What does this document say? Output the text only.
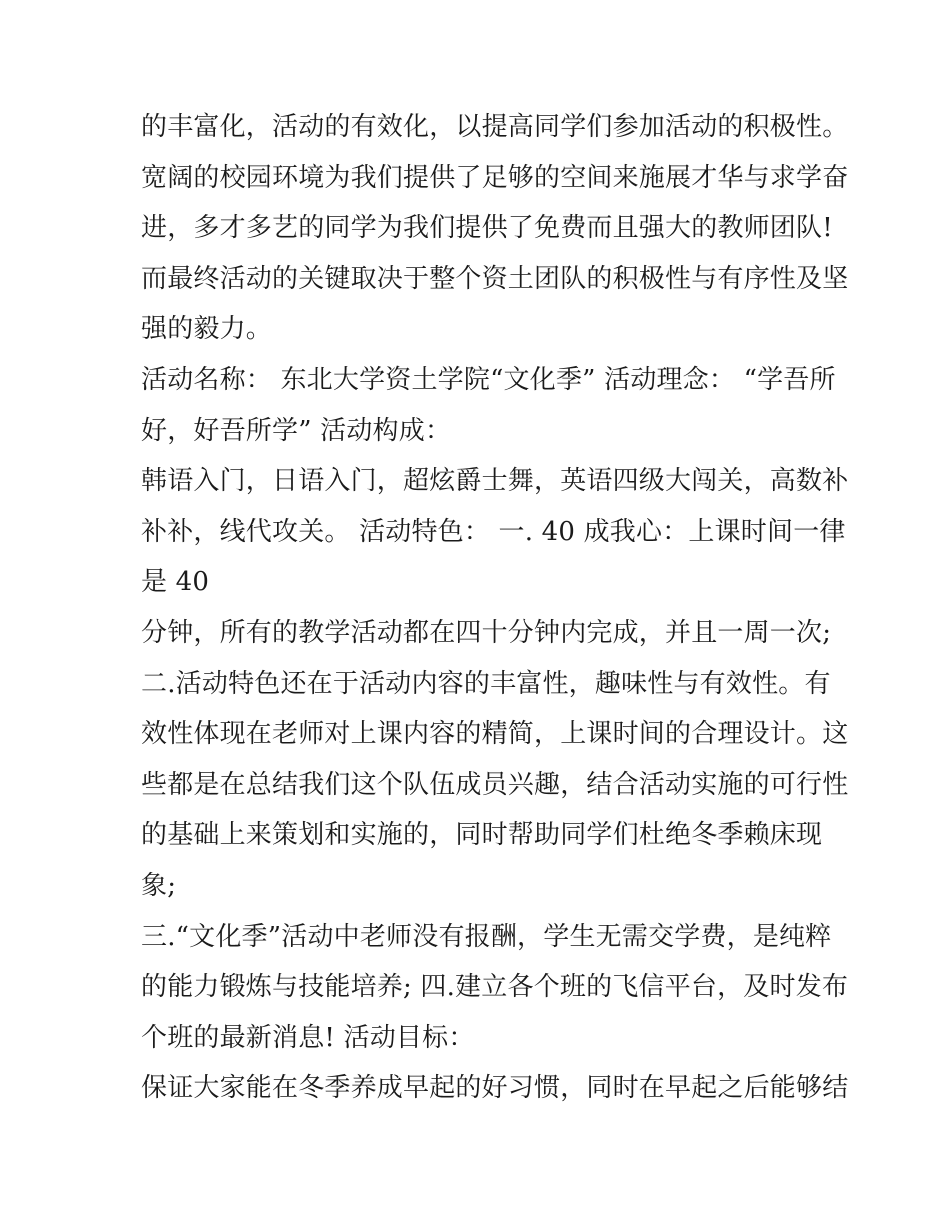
的丰富化，活动的有效化，以提高同学们参加活动的积极性。
宽阔的校园环境为我们提供了足够的空间来施展才华与求学奋
进，多才多艺的同学为我们提供了免费而且强大的教师团队!
而最终活动的关键取决于整个资土团队的积极性与有序性及坚
强的毅力。
活动名称： 东北大学资土学院“文化季” 活动理念： “学吾所
好，好吾所学” 活动构成：
韩语入门，日语入门，超炫爵士舞，英语四级大闯关，高数补
补补，线代攻关。 活动特色： 一. 40 成我心：上课时间一律
是 40
分钟，所有的教学活动都在四十分钟内完成，并且一周一次;
二.活动特色还在于活动内容的丰富性，趣味性与有效性。有
效性体现在老师对上课内容的精简，上课时间的合理设计。这
些都是在总结我们这个队伍成员兴趣，结合活动实施的可行性
的基础上来策划和实施的，同时帮助同学们杜绝冬季赖床现
象;
三.“文化季”活动中老师没有报酬，学生无需交学费，是纯粹
的能力锻炼与技能培养; 四.建立各个班的飞信平台，及时发布
个班的最新消息! 活动目标：
保证大家能在冬季养成早起的好习惯，同时在早起之后能够结
